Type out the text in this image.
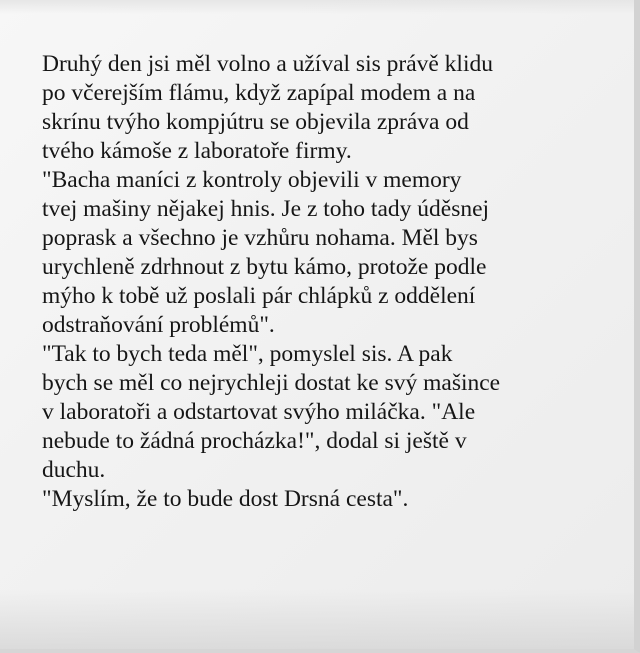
Druhý den jsi měl volno a užíval sis právě klidu
po včerejším flámu, když zapípal modem a na
skrínu tvýho kompjútru se objevila zpráva od
tvého kámoše z laboratoře firmy.
"Bacha maníci z kontroly objevili v memory
tvej mašiny nějakej hnis. Je z toho tady úděsnej
poprask a všechno je vzhůru nohama. Měl bys
urychleně zdrhnout z bytu kámo, protože podle
mýho k tobě už poslali pár chlápků z oddělení
odstraňování problémů".
"Tak to bych teda měl", pomyslel sis. A pak
bych se měl co nejrychleji dostat ke svý mašince
v laboratoři a odstartovat svýho miláčka. "Ale
nebude to žádná procházka!", dodal si ještě v
duchu.
"Myslím, že to bude dost Drsná cesta".
